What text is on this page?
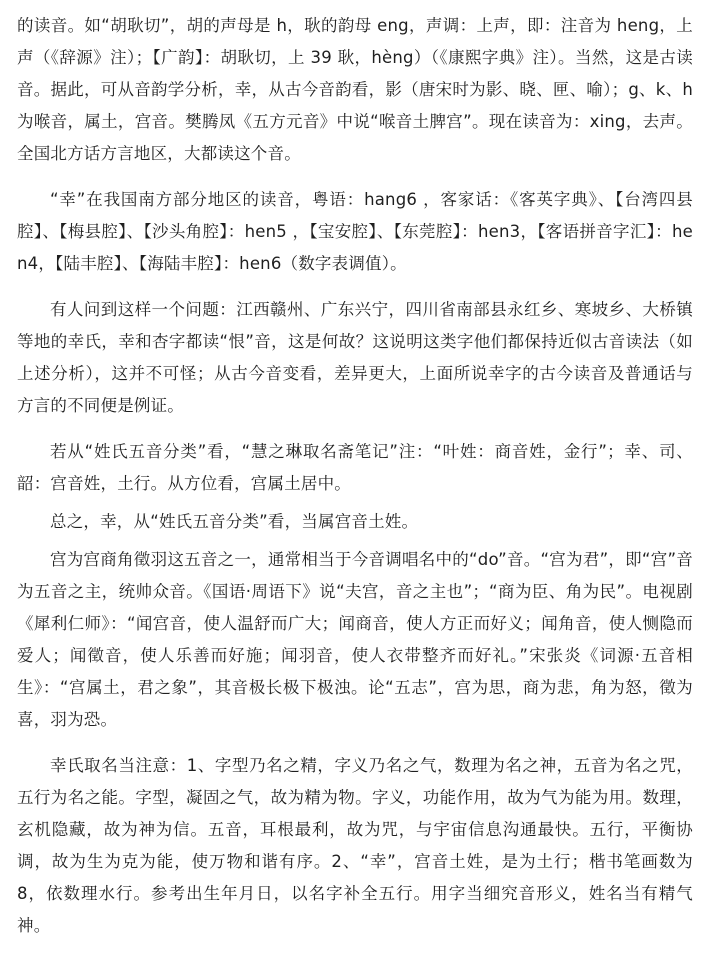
的读音。如“胡耿切”，胡的声母是 h，耿的韵母 eng，声调：上声，即：注音为 heng，上声（《辞源》注）；【广韵】：胡耿切，上 39 耿，hèng）（《康熙字典》注）。当然，这是古读音。据此，可从音韵学分析，幸，从古今音韵看，影（唐宋时为影、晓、匣、喻）；g、k、h 为喉音，属土，宫音。樊腾凤《五方元音》中说“喉音土脾宫”。现在读音为：xing，去声。全国北方话方言地区，大都读这个音。

“幸”在我国南方部分地区的读音，粤语：hang6 ，客家话：《客英字典》、【台湾四县腔】、【梅县腔】、【沙头角腔】：hen5 ，【宝安腔】、【东莞腔】：hen3，【客语拼音字汇】：hen4，【陆丰腔】、【海陆丰腔】：hen6（数字表调值）。

有人问到这样一个问题：江西赣州、广东兴宁，四川省南部县永红乡、寒坡乡、大桥镇等地的幸氏，幸和杏字都读“恨”音，这是何故？这说明这类字他们都保持近似古音读法（如上述分析），这并不可怪；从古今音变看，差异更大，上面所说幸字的古今读音及普通话与方言的不同便是例证。

若从“姓氏五音分类”看，“慧之琳取名斋笔记”注：“叶姓：商音姓，金行”；幸、司、韶：宫音姓，土行。从方位看，宫属土居中。

总之，幸，从“姓氏五音分类”看，当属宫音土姓。

宫为宫商角徵羽这五音之一，通常相当于今音调唱名中的“do”音。“宫为君”，即“宫”音为五音之主，统帅众音。《国语·周语下》说“夫宫，音之主也”；“商为臣、角为民”。电视剧《犀利仁师》：“闻宫音，使人温舒而广大；闻商音，使人方正而好义；闻角音，使人恻隐而爱人；闻徵音，使人乐善而好施；闻羽音，使人衣带整齐而好礼。”宋张炎《词源·五音相生》：“宫属土，君之象”，其音极长极下极浊。论“五志”，宫为思，商为悲，角为怒，徵为喜，羽为恐。

幸氏取名当注意：1、字型乃名之精，字义乃名之气，数理为名之神，五音为名之咒，五行为名之能。字型，凝固之气，故为精为物。字义，功能作用，故为气为能为用。数理，玄机隐藏，故为神为信。五音，耳根最利，故为咒，与宇宙信息沟通最快。五行，平衡协调，故为生为克为能，使万物和谐有序。2、“幸”，宫音土姓，是为土行；楷书笔画数为 8，依数理水行。参考出生年月日，以名字补全五行。用字当细究音形义，姓名当有精气神。
